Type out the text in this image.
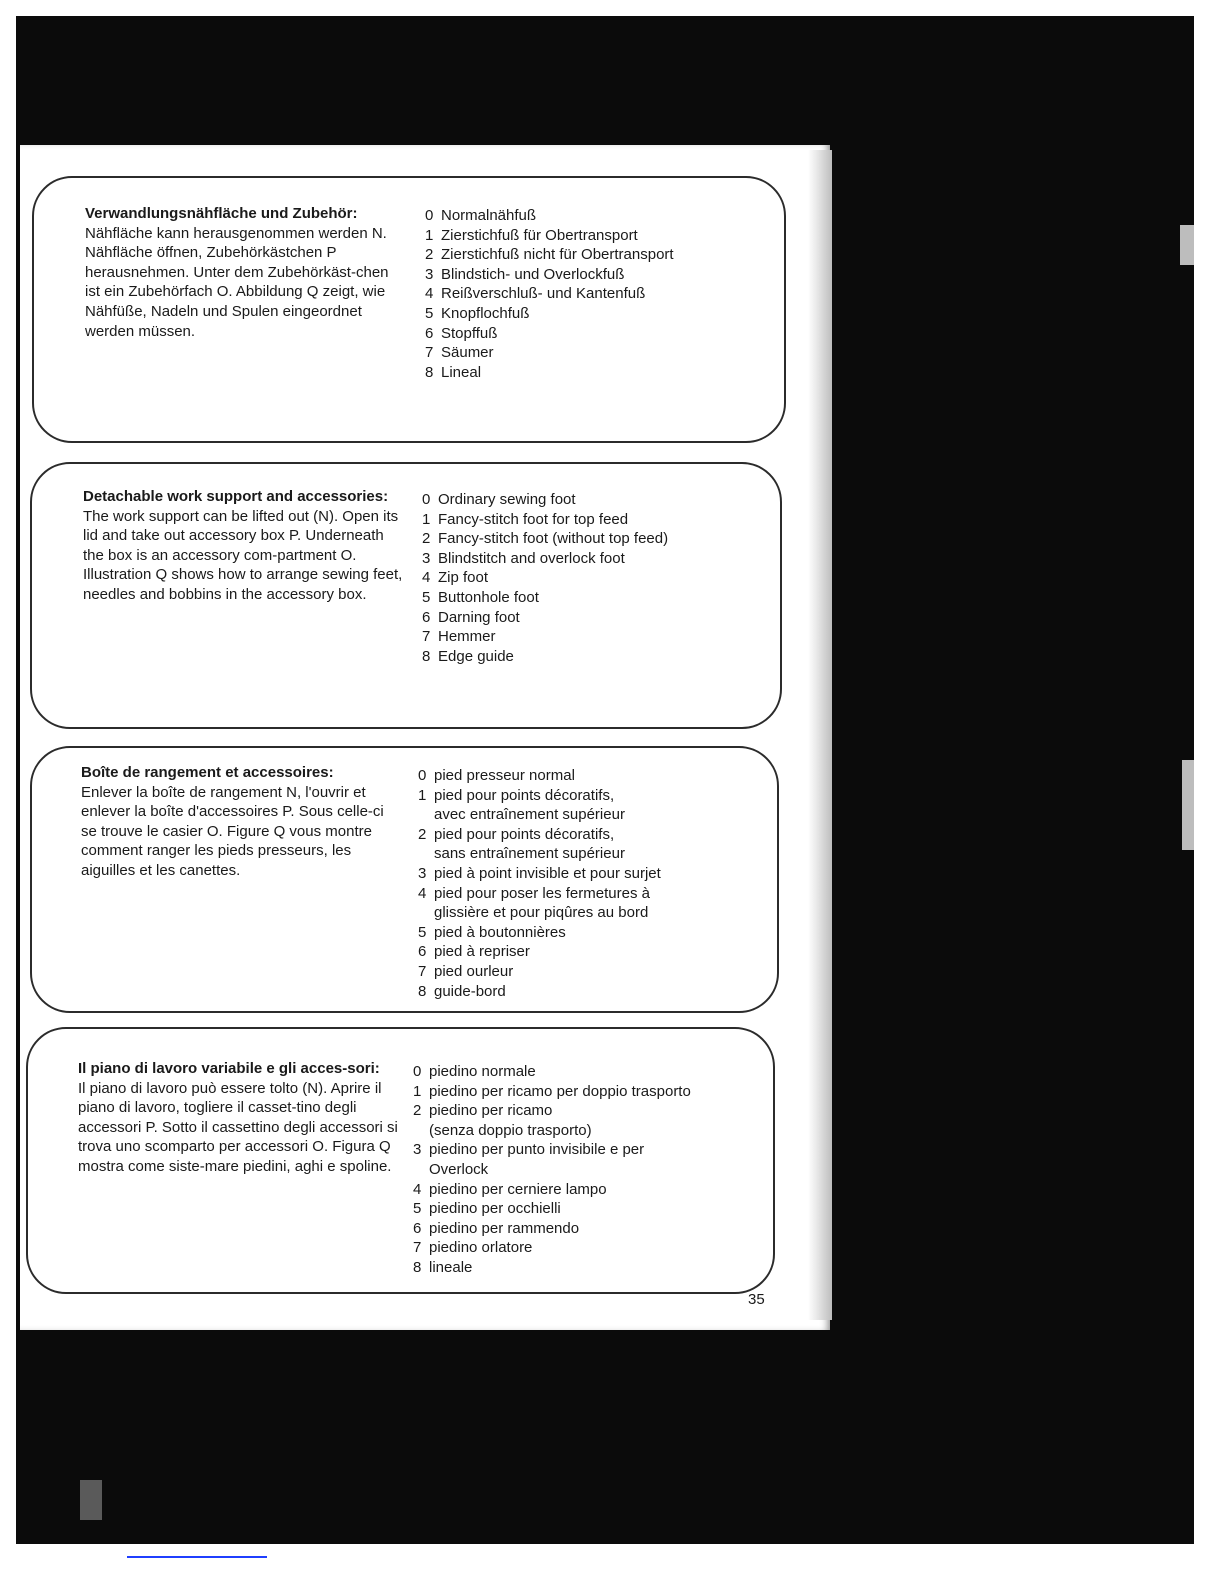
Verwandlungsnähfläche und Zubehör:
Nähfläche kann herausgenommen werden N. Nähfläche öffnen, Zubehörkästchen P herausnehmen. Unter dem Zubehörkäst-chen ist ein Zubehörfach O. Abbildung Q zeigt, wie Nähfüße, Nadeln und Spulen eingeordnet werden müssen.
0 Normalnähfuß
1 Zierstichfuß für Obertransport
2 Zierstichfuß nicht für Obertransport
3 Blindstich- und Overlockfuß
4 Reißverschluß- und Kantenfuß
5 Knopflochfuß
6 Stopffuß
7 Säumer
8 Lineal
Detachable work support and accessories:
The work support can be lifted out (N). Open its lid and take out accessory box P. Underneath the box is an accessory com-partment O. Illustration Q shows how to arrange sewing feet, needles and bobbins in the accessory box.
0 Ordinary sewing foot
1 Fancy-stitch foot for top feed
2 Fancy-stitch foot (without top feed)
3 Blindstitch and overlock foot
4 Zip foot
5 Buttonhole foot
6 Darning foot
7 Hemmer
8 Edge guide
Boîte de rangement et accessoires:
Enlever la boîte de rangement N, l'ouvrir et enlever la boîte d'accessoires P. Sous celle-ci se trouve le casier O. Figure Q vous montre comment ranger les pieds presseurs, les aiguilles et les canettes.
0 pied presseur normal
1 pied pour points décoratifs,
avec entraînement supérieur
2 pied pour points décoratifs,
sans entraînement supérieur
3 pied à point invisible et pour surjet
4 pied pour poser les fermetures à
glissière et pour piqûres au bord
5 pied à boutonnières
6 pied à repriser
7 pied ourleur
8 guide-bord
Il piano di lavoro variabile e gli acces-sori:
Il piano di lavoro può essere tolto (N). Aprire il piano di lavoro, togliere il casset-tino degli accessori P. Sotto il cassettino degli accessori si trova uno scomparto per accessori O. Figura Q mostra come siste-mare piedini, aghi e spoline.
0 piedino normale
1 piedino per ricamo per doppio trasporto
2 piedino per ricamo
(senza doppio trasporto)
3 piedino per punto invisibile e per
Overlock
4 piedino per cerniere lampo
5 piedino per occhielli
6 piedino per rammendo
7 piedino orlatore
8 lineale
35
